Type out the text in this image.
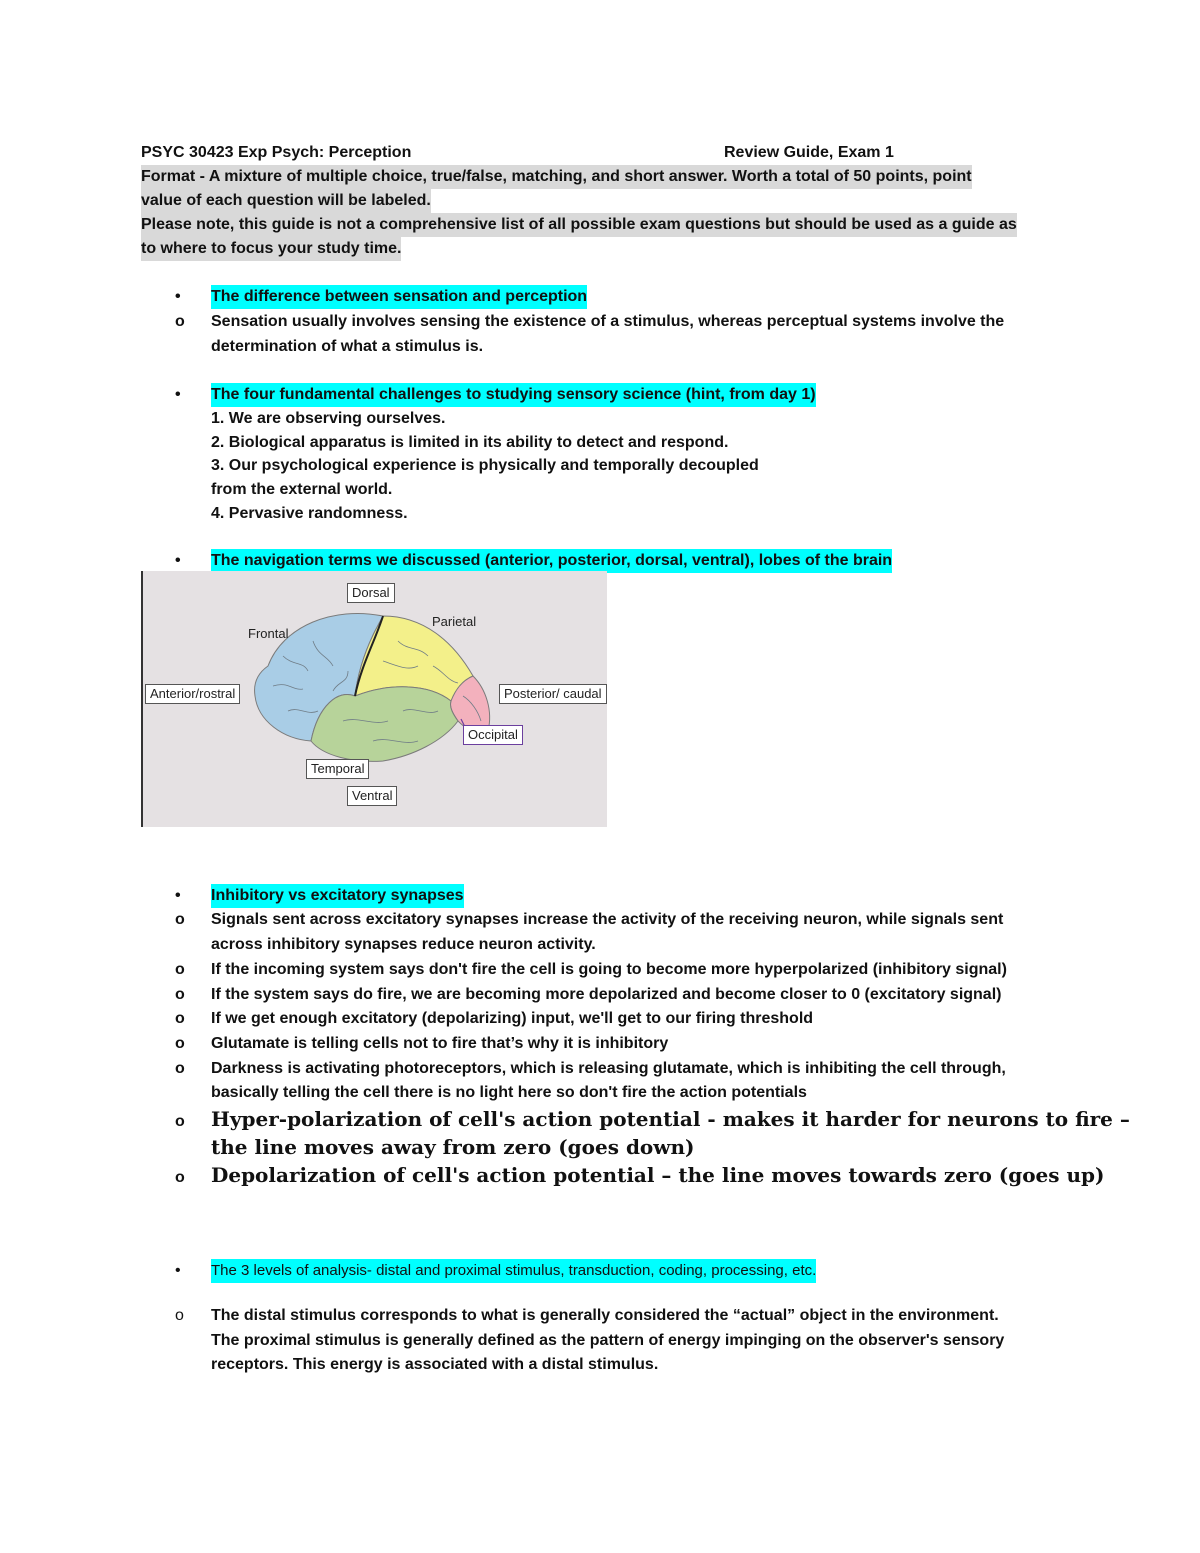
PSYC 30423 Exp Psych: Perception	Review Guide, Exam 1
Format - A mixture of multiple choice, true/false, matching, and short answer. Worth a total of 50 points, point
value of each question will be labeled.
Please note, this guide is not a comprehensive list of all possible exam questions but should be used as a guide as
to where to focus your study time.
•	The difference between sensation and perception
o	Sensation usually involves sensing the existence of a stimulus, whereas perceptual systems involve the
determination of what a stimulus is.
•	The four fundamental challenges to studying sensory science (hint, from day 1)
1. We are observing ourselves.
2. Biological apparatus is limited in its ability to detect and respond.
3. Our psychological experience is physically and temporally decoupled
from the external world.
4. Pervasive randomness.
•	The navigation terms we discussed (anterior, posterior, dorsal, ventral), lobes of the brain
Dorsal
Frontal
Parietal
Anterior/rostral	Posterior/ caudal
Occipital
Temporal
Ventral
•	Inhibitory vs excitatory synapses
o	Signals sent across excitatory synapses increase the activity of the receiving neuron, while signals sent
across inhibitory synapses reduce neuron activity.
o	If the incoming system says don't fire the cell is going to become more hyperpolarized (inhibitory signal)
o	If the system says do fire, we are becoming more depolarized and become closer to 0 (excitatory signal)
o	If we get enough excitatory (depolarizing) input, we'll get to our firing threshold
o	Glutamate is telling cells not to fire that’s why it is inhibitory
o	Darkness is activating photoreceptors, which is releasing glutamate, which is inhibiting the cell through,
basically telling the cell there is no light here so don't fire the action potentials
o	Hyper-polarization of cell's action potential - makes it harder for neurons to fire –
the line moves away from zero (goes down)
o	Depolarization of cell's action potential – the line moves towards zero (goes up)
•	The 3 levels of analysis- distal and proximal stimulus, transduction, coding, processing, etc.
o	The distal stimulus corresponds to what is generally considered the “actual” object in the environment.
The proximal stimulus is generally defined as the pattern of energy impinging on the observer's sensory
receptors. This energy is associated with a distal stimulus.
